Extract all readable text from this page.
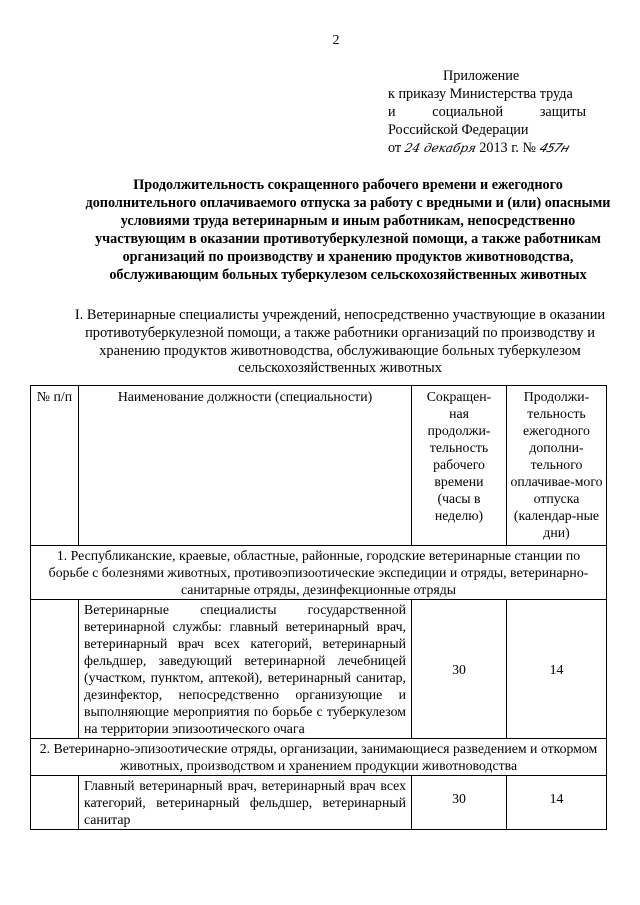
2
Приложение
к приказу Министерства труда
и	социальной	защиты
Российской Федерации
от 24 декабря 2013 г. № 457н
Продолжительность сокращенного рабочего времени и ежегодного дополнительного оплачиваемого отпуска за работу с вредными и (или) опасными условиями труда ветеринарным и иным работникам, непосредственно участвующим в оказании противотуберкулезной помощи, а также работникам организаций по производству и хранению продуктов животноводства, обслуживающим больных туберкулезом сельскохозяйственных животных
I. Ветеринарные специалисты учреждений, непосредственно участвующие в оказании противотуберкулезной помощи, а также работники организаций по производству и хранению продуктов животноводства, обслуживающие больных туберкулезом сельскохозяйственных животных
№ п/п	Наименование должности (специальности)	Сокращен-ная продолжи-тельность рабочего времени (часы в неделю)	Продолжи-тельность ежегодного дополни-тельного оплачивае-мого отпуска (календар-ные дни)
1. Республиканские, краевые, областные, районные, городские ветеринарные станции по борьбе с болезнями животных, противоэпизоотические экспедиции и отряды, ветеринарно-санитарные отряды, дезинфекционные отряды			
	Ветеринарные специалисты государственной ветеринарной службы: главный ветеринарный врач, ветеринарный врач всех категорий, ветеринарный фельдшер, заведующий ветеринарной лечебницей (участком, пунктом, аптекой), ветеринарный санитар, дезинфектор, непосредственно организующие и выполняющие мероприятия по борьбе с туберкулезом на территории эпизоотического очага	30	14
2. Ветеринарно-эпизоотические отряды, организации, занимающиеся разведением и откормом животных, производством и хранением продукции животноводства			
	Главный ветеринарный врач, ветеринарный врач всех категорий, ветеринарный фельдшер, ветеринарный санитар	30	14
